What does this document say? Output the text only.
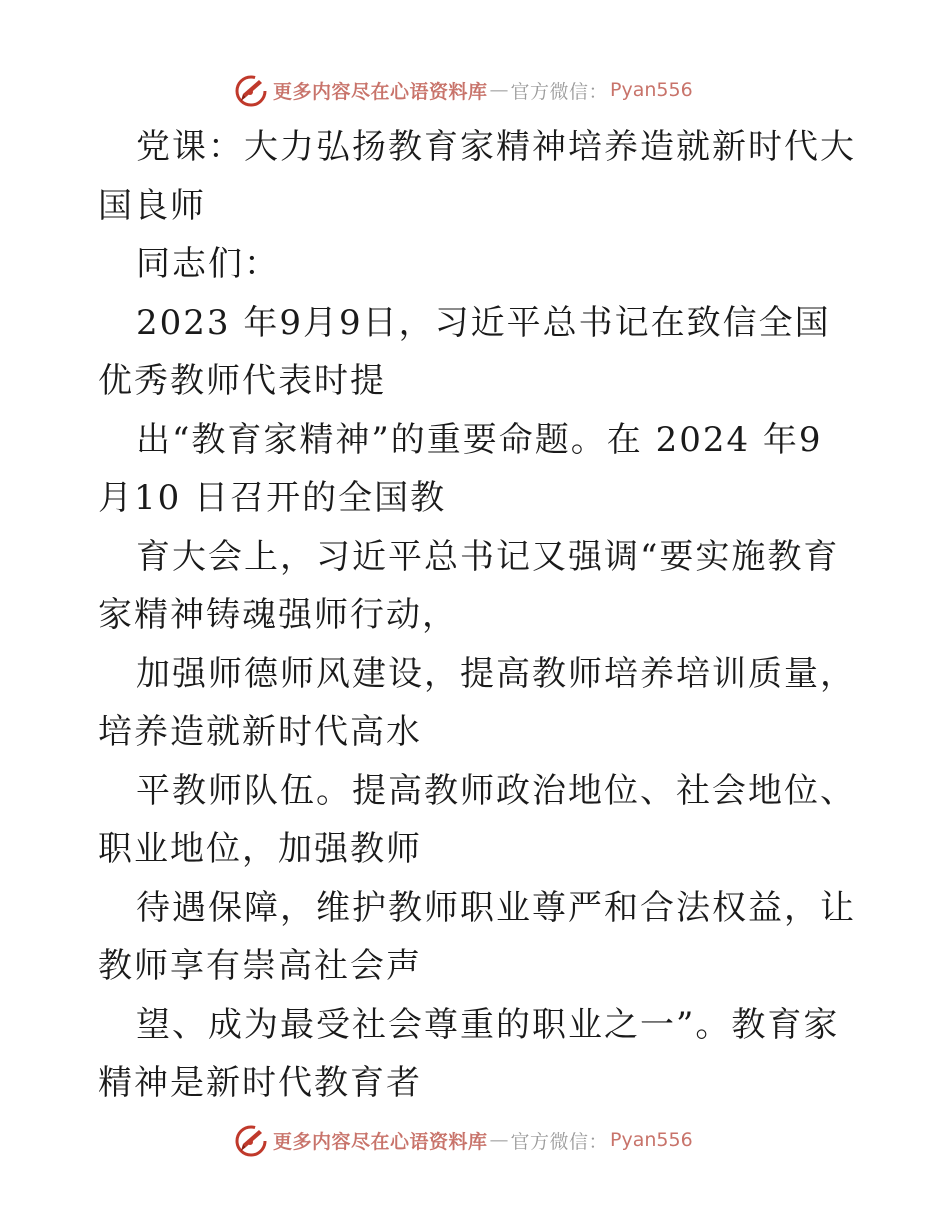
更多内容尽在心语资料库 — 官方微信： Pyan556

党课：大力弘扬教育家精神培养造就新时代大国良师

同志们：

2023 年9月9日，习近平总书记在致信全国优秀教师代表时提

出“教育家精神”的重要命题。在 2024 年9月10 日召开的全国教

育大会上，习近平总书记又强调“要实施教育家精神铸魂强师行动，

加强师德师风建设，提高教师培养培训质量，培养造就新时代高水

平教师队伍。提高教师政治地位、社会地位、职业地位，加强教师

待遇保障，维护教师职业尊严和合法权益，让教师享有崇高社会声

望、成为最受社会尊重的职业之一”。教育家精神是新时代教育者

更多内容尽在心语资料库 — 官方微信： Pyan556
